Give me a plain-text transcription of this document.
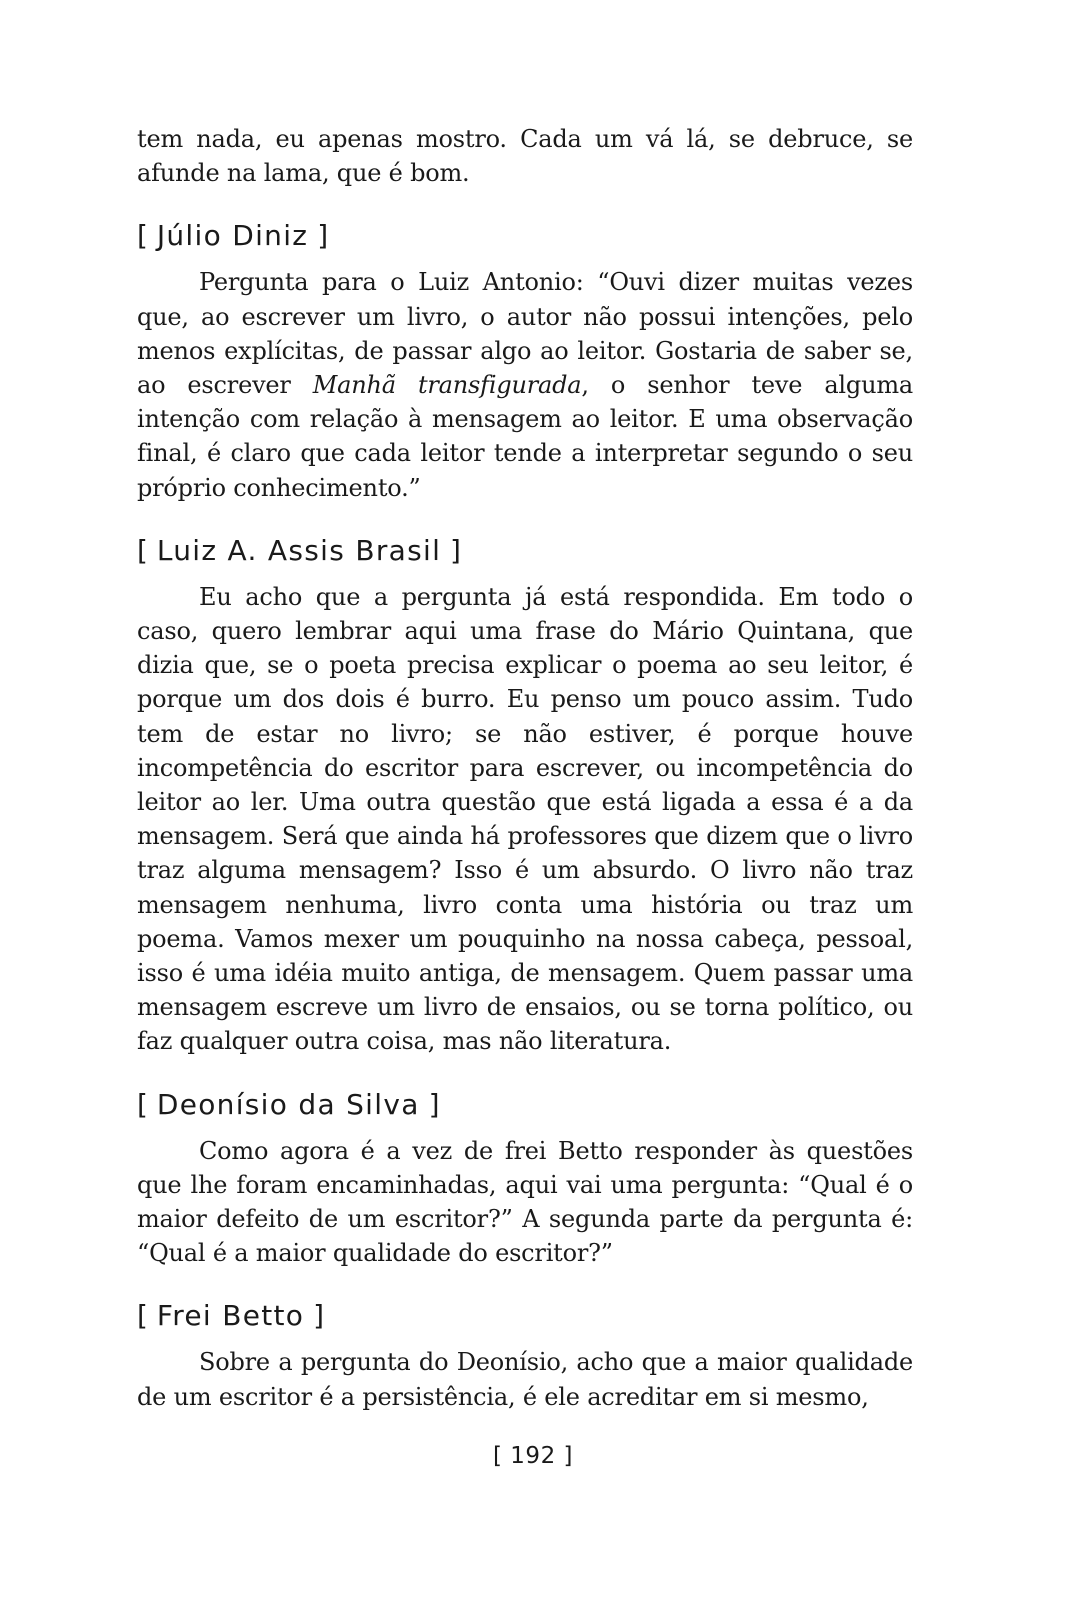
tem nada, eu apenas mostro. Cada um vá lá, se debruce, se afunde na lama, que é bom.

[ Júlio Diniz ]

Pergunta para o Luiz Antonio: “Ouvi dizer muitas vezes que, ao escrever um livro, o autor não possui intenções, pelo menos explícitas, de passar algo ao leitor. Gostaria de saber se, ao escrever Manhã transfigurada, o senhor teve alguma intenção com relação à mensagem ao leitor. E uma observação final, é claro que cada leitor tende a interpretar segundo o seu próprio conhecimento.”

[ Luiz A. Assis Brasil ]

Eu acho que a pergunta já está respondida. Em todo o caso, quero lembrar aqui uma frase do Mário Quintana, que dizia que, se o poeta precisa explicar o poema ao seu leitor, é porque um dos dois é burro. Eu penso um pouco assim. Tudo tem de estar no livro; se não estiver, é porque houve incompetência do escritor para escrever, ou incompetência do leitor ao ler. Uma outra questão que está ligada a essa é a da mensagem. Será que ainda há professores que dizem que o livro traz alguma mensagem? Isso é um absurdo. O livro não traz mensagem nenhuma, livro conta uma história ou traz um poema. Vamos mexer um pouquinho na nossa cabeça, pessoal, isso é uma idéia muito antiga, de mensagem. Quem passar uma mensagem escreve um livro de ensaios, ou se torna político, ou faz qualquer outra coisa, mas não literatura.

[ Deonísio da Silva ]

Como agora é a vez de frei Betto responder às questões que lhe foram encaminhadas, aqui vai uma pergunta: “Qual é o maior defeito de um escritor?” A segunda parte da pergunta é: “Qual é a maior qualidade do escritor?”

[ Frei Betto ]

Sobre a pergunta do Deonísio, acho que a maior qualidade de um escritor é a persistência, é ele acreditar em si mesmo,

[ 192 ]
